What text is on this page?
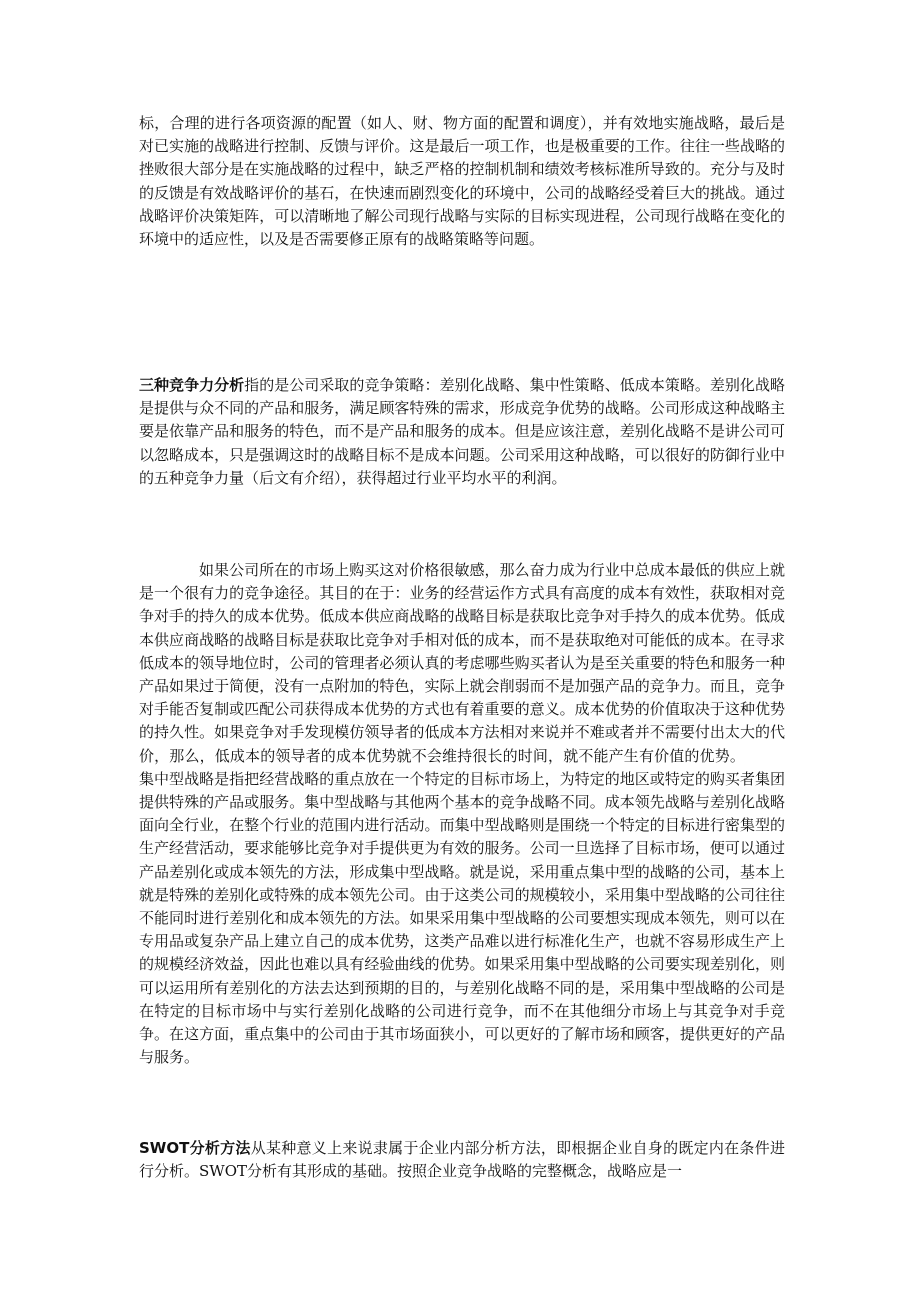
标，合理的进行各项资源的配置（如人、财、物方面的配置和调度），并有效地实施战略，最后是对已实施的战略进行控制、反馈与评价。这是最后一项工作，也是极重要的工作。往往一些战略的挫败很大部分是在实施战略的过程中，缺乏严格的控制机制和绩效考核标准所导致的。充分与及时的反馈是有效战略评价的基石，在快速而剧烈变化的环境中，公司的战略经受着巨大的挑战。通过战略评价决策矩阵，可以清晰地了解公司现行战略与实际的目标实现进程，公司现行战略在变化的环境中的适应性，以及是否需要修正原有的战略策略等问题。

三种竞争力分析指的是公司采取的竞争策略：差别化战略、集中性策略、低成本策略。差别化战略是提供与众不同的产品和服务，满足顾客特殊的需求，形成竞争优势的战略。公司形成这种战略主要是依靠产品和服务的特色，而不是产品和服务的成本。但是应该注意，差别化战略不是讲公司可以忽略成本，只是强调这时的战略目标不是成本问题。公司采用这种战略，可以很好的防御行业中的五种竞争力量（后文有介绍），获得超过行业平均水平的利润。

如果公司所在的市场上购买这对价格很敏感，那么奋力成为行业中总成本最低的供应上就是一个很有力的竞争途径。其目的在于：业务的经营运作方式具有高度的成本有效性，获取相对竞争对手的持久的成本优势。低成本供应商战略的战略目标是获取比竞争对手持久的成本优势。低成本供应商战略的战略目标是获取比竞争对手相对低的成本，而不是获取绝对可能低的成本。在寻求低成本的领导地位时，公司的管理者必须认真的考虑哪些购买者认为是至关重要的特色和服务一种产品如果过于简便，没有一点附加的特色，实际上就会削弱而不是加强产品的竞争力。而且，竞争对手能否复制或匹配公司获得成本优势的方式也有着重要的意义。成本优势的价值取决于这种优势的持久性。如果竞争对手发现模仿领导者的低成本方法相对来说并不难或者并不需要付出太大的代价，那么，低成本的领导者的成本优势就不会维持很长的时间，就不能产生有价值的优势。集中型战略是指把经营战略的重点放在一个特定的目标市场上，为特定的地区或特定的购买者集团提供特殊的产品或服务。集中型战略与其他两个基本的竞争战略不同。成本领先战略与差别化战略面向全行业，在整个行业的范围内进行活动。而集中型战略则是围绕一个特定的目标进行密集型的生产经营活动，要求能够比竞争对手提供更为有效的服务。公司一旦选择了目标市场，便可以通过产品差别化或成本领先的方法，形成集中型战略。就是说，采用重点集中型的战略的公司，基本上就是特殊的差别化或特殊的成本领先公司。由于这类公司的规模较小，采用集中型战略的公司往往不能同时进行差别化和成本领先的方法。如果采用集中型战略的公司要想实现成本领先，则可以在专用品或复杂产品上建立自己的成本优势，这类产品难以进行标准化生产，也就不容易形成生产上的规模经济效益，因此也难以具有经验曲线的优势。如果采用集中型战略的公司要实现差别化，则可以运用所有差别化的方法去达到预期的目的，与差别化战略不同的是，采用集中型战略的公司是在特定的目标市场中与实行差别化战略的公司进行竞争，而不在其他细分市场上与其竞争对手竞争。在这方面，重点集中的公司由于其市场面狭小，可以更好的了解市场和顾客，提供更好的产品与服务。

SWOT分析方法从某种意义上来说隶属于企业内部分析方法，即根据企业自身的既定内在条件进行分析。SWOT分析有其形成的基础。按照企业竞争战略的完整概念，战略应是一
